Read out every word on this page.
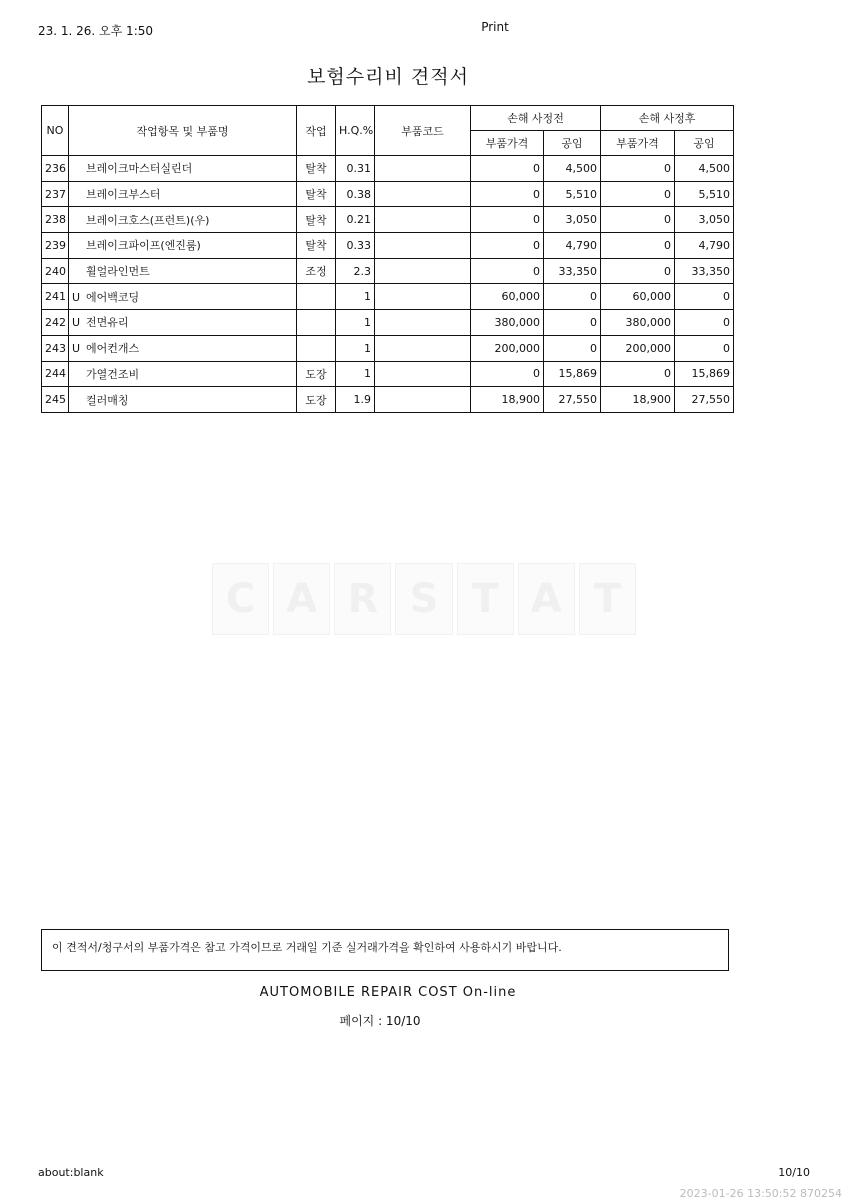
23. 1. 26. 오후 1:50	Print
보험수리비 견적서
NO	작업항목 및 부품명	작업	H.Q.%	부품코드	손해 사정전		손해 사정후	
					부품가격	공임	부품가격	공임
236	브레이크마스터실린더	탈착	0.31		0	4,500	0	4,500
237	브레이크부스터	탈착	0.38		0	5,510	0	5,510
238	브레이크호스(프런트)(우)	탈착	0.21		0	3,050	0	3,050
239	브레이크파이프(엔진룸)	탈착	0.33		0	4,790	0	4,790
240	휠얼라인먼트	조정	2.3		0	33,350	0	33,350
241	U 에어백코딩		1		60,000	0	60,000	0
242	U 전면유리		1		380,000	0	380,000	0
243	U 에어컨개스		1		200,000	0	200,000	0
244	가열건조비	도장	1		0	15,869	0	15,869
245	컬러매칭	도장	1.9		18,900	27,550	18,900	27,550
C A R S T A T
이 견적서/청구서의 부품가격은 참고 가격이므로 거래일 기준 실거래가격을 확인하여 사용하시기 바랍니다.
AUTOMOBILE REPAIR COST On-line
페이지 : 10/10
about:blank	10/10
2023-01-26 13:50:52 870254
